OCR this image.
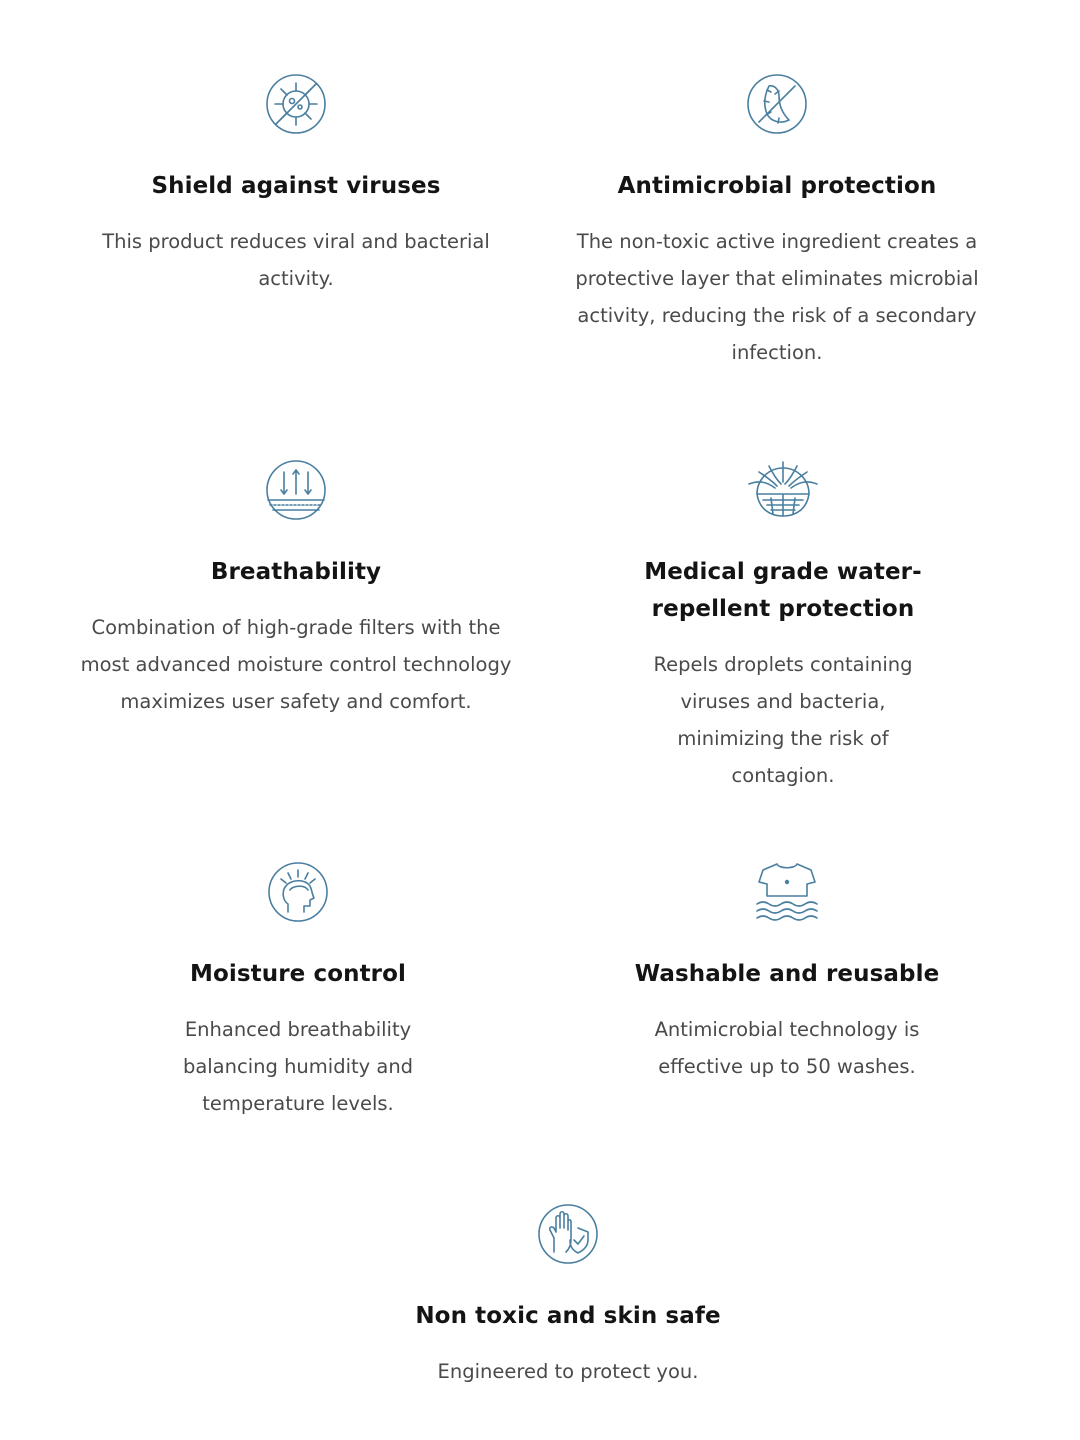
Shield against viruses

This product reduces viral and bacterial activity.

Antimicrobial protection

The non-toxic active ingredient creates a protective layer that eliminates microbial activity, reducing the risk of a secondary infection.

Breathability

Combination of high-grade filters with the most advanced moisture control technology maximizes user safety and comfort.

Medical grade water-repellent protection

Repels droplets containing viruses and bacteria, minimizing the risk of contagion.

Moisture control

Enhanced breathability balancing humidity and temperature levels.

Washable and reusable

Antimicrobial technology is effective up to 50 washes.

Non toxic and skin safe

Engineered to protect you.
